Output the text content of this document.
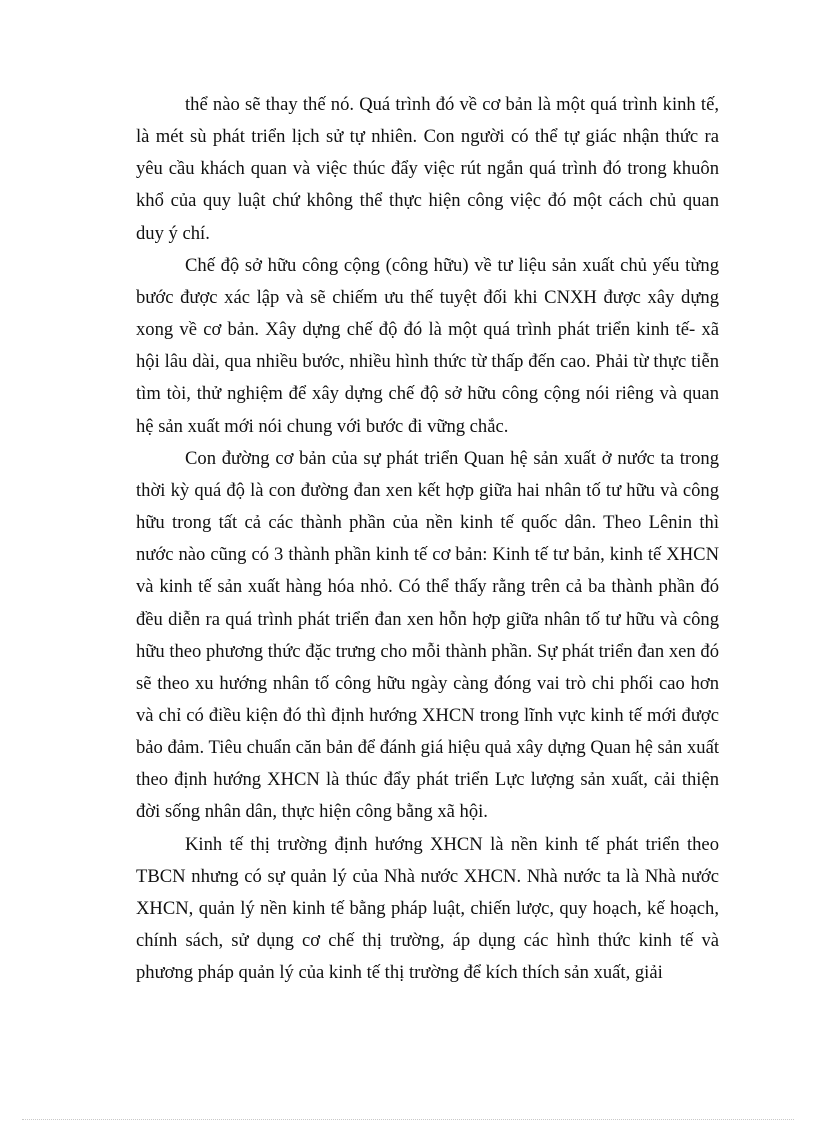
thể nào sẽ thay thế nó. Quá trình đó về cơ bản là một quá trình kinh tế, là mét sù phát triển lịch sử tự nhiên. Con người có thể tự giác nhận thức ra yêu cầu khách quan và việc thúc đẩy việc rút ngắn quá trình đó trong khuôn khổ của quy luật chứ không thể thực hiện công việc đó một cách chủ quan duy ý chí.

Chế độ sở hữu công cộng (công hữu) về tư liệu sản xuất chủ yếu từng bước được xác lập và sẽ chiếm ưu thế tuyệt đối khi CNXH được xây dựng xong về cơ bản. Xây dựng chế độ đó là một quá trình phát triển kinh tế- xã hội lâu dài, qua nhiều bước, nhiều hình thức từ thấp đến cao. Phải từ thực tiễn tìm tòi, thử nghiệm để xây dựng chế độ sở hữu công cộng nói riêng và quan hệ sản xuất mới nói chung với bước đi vững chắc.

Con đường cơ bản của sự phát triển Quan hệ sản xuất ở nước ta trong thời kỳ quá độ là con đường đan xen kết hợp giữa hai nhân tố tư hữu và công hữu trong tất cả các thành phần của nền kinh tế quốc dân. Theo Lênin thì nước nào cũng có 3 thành phần kinh tế cơ bản: Kinh tế tư bản, kinh tế XHCN và kinh tế sản xuất hàng hóa nhỏ. Có thể thấy rằng trên cả ba thành phần đó đều diễn ra quá trình phát triển đan xen hỗn hợp giữa nhân tố tư hữu và công hữu theo phương thức đặc trưng cho mỗi thành phần. Sự phát triển đan xen đó sẽ theo xu hướng nhân tố công hữu ngày càng đóng vai trò chi phối cao hơn và chỉ có điều kiện đó thì định hướng XHCN trong lĩnh vực kinh tế mới được bảo đảm. Tiêu chuẩn căn bản để đánh giá hiệu quả xây dựng Quan hệ sản xuất theo định hướng XHCN là thúc đẩy phát triển Lực lượng sản xuất, cải thiện đời sống nhân dân, thực hiện công bằng xã hội.

Kinh tế thị trường định hướng XHCN là nền kinh tế phát triển theo TBCN nhưng có sự quản lý của Nhà nước XHCN. Nhà nước ta là Nhà nước XHCN, quản lý nền kinh tế bằng pháp luật, chiến lược, quy hoạch, kế hoạch, chính sách, sử dụng cơ chế thị trường, áp dụng các hình thức kinh tế và phương pháp quản lý của kinh tế thị trường để kích thích sản xuất, giải
